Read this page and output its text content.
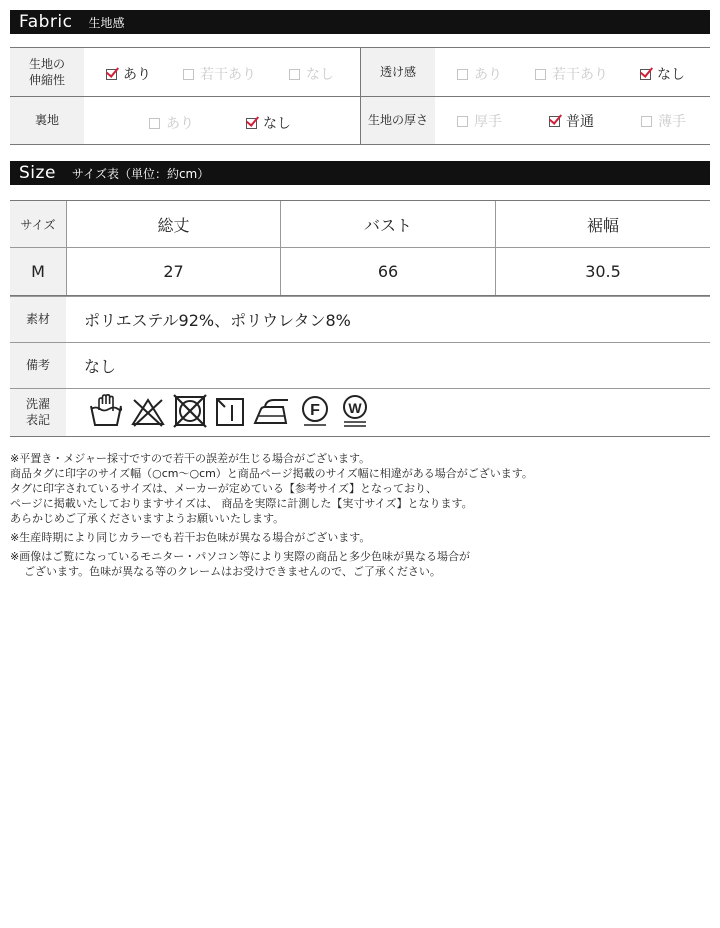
Fabric 生地感
生地の
伸縮性	あり	若干あり	なし	透け感	あり	若干あり	なし
裏地	あり	なし	生地の厚さ	厚手	普通	薄手
Size サイズ表（単位：約cm）
サイズ	総丈	バスト	裾幅
M	27	66	30.5
素材	ポリエステル92%、ポリウレタン8%
備考	なし
洗濯
表記
F W

※平置き・メジャー採寸ですので若干の誤差が生じる場合がございます。

商品タグに印字のサイズ幅（○cm〜○cm）と商品ページ掲載のサイズ幅に相違がある場合がございます。

タグに印字されているサイズは、メーカーが定めている【参考サイズ】となっており、

ページに掲載いたしておりますサイズは、 商品を実際に計測した【実寸サイズ】となります。

あらかじめご了承くださいますようお願いいたします。

※生産時期により同じカラーでも若干お色味が異なる場合がございます。

※画像はご覧になっているモニター・パソコン等により実際の商品と多少色味が異なる場合が

ございます。色味が異なる等のクレームはお受けできませんので、ご了承ください。
